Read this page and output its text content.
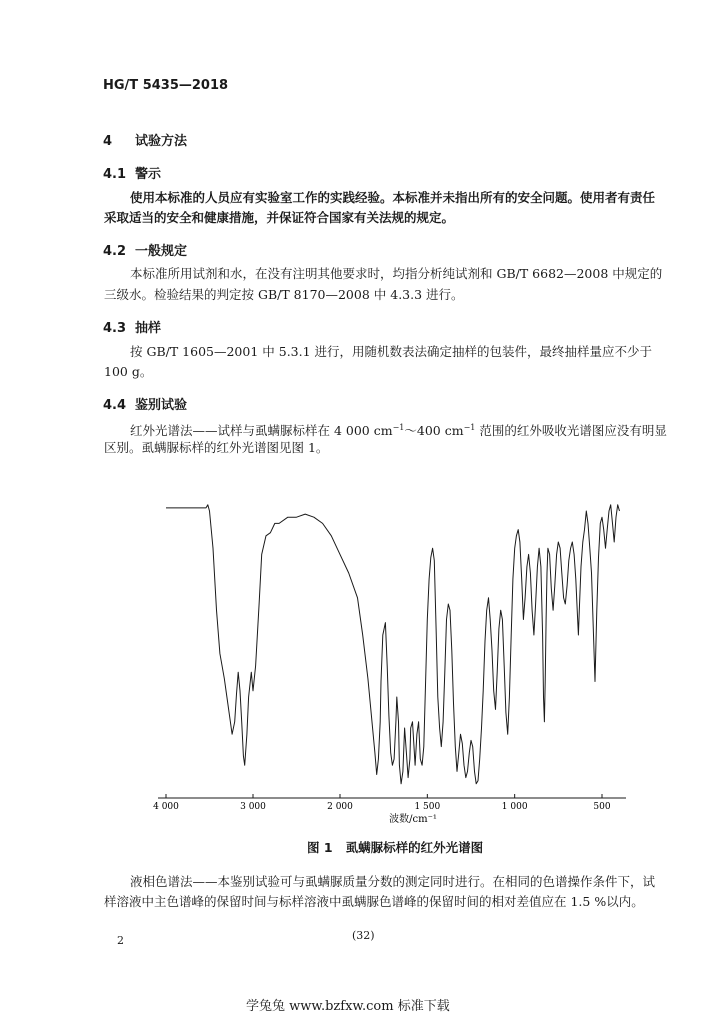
HG/T 5435—2018
4 试验方法
4.1 警示
使用本标准的人员应有实验室工作的实践经验。本标准并未指出所有的安全问题。使用者有责任
采取适当的安全和健康措施，并保证符合国家有关法规的规定。
4.2 一般规定
本标准所用试剂和水，在没有注明其他要求时，均指分析纯试剂和 GB/T 6682—2008 中规定的
三级水。检验结果的判定按 GB/T 8170—2008 中 4.3.3 进行。
4.3 抽样
按 GB/T 1605—2001 中 5.3.1 进行，用随机数表法确定抽样的包装件，最终抽样量应不少于
100 g。
4.4 鉴别试验
红外光谱法——试样与虱螨脲标样在 4 000 $cm^{-1}\sim 400$ $cm^{-1}$ 范围的红外吸收光谱图应没有明显
区别。虱螨脲标样的红外光谱图见图 1。
4 000	3 000	2 000	1 500	1 000	500
波数/cm⁻¹
图 1 虱螨脲标样的红外光谱图
液相色谱法——本鉴别试验可与虱螨脲质量分数的测定同时进行。在相同的色谱操作条件下，试
样溶液中主色谱峰的保留时间与标样溶液中虱螨脲色谱峰的保留时间的相对差值应在 1.5 %以内。
2	(32)
学兔兔 www.bzfxw.com 标准下载
